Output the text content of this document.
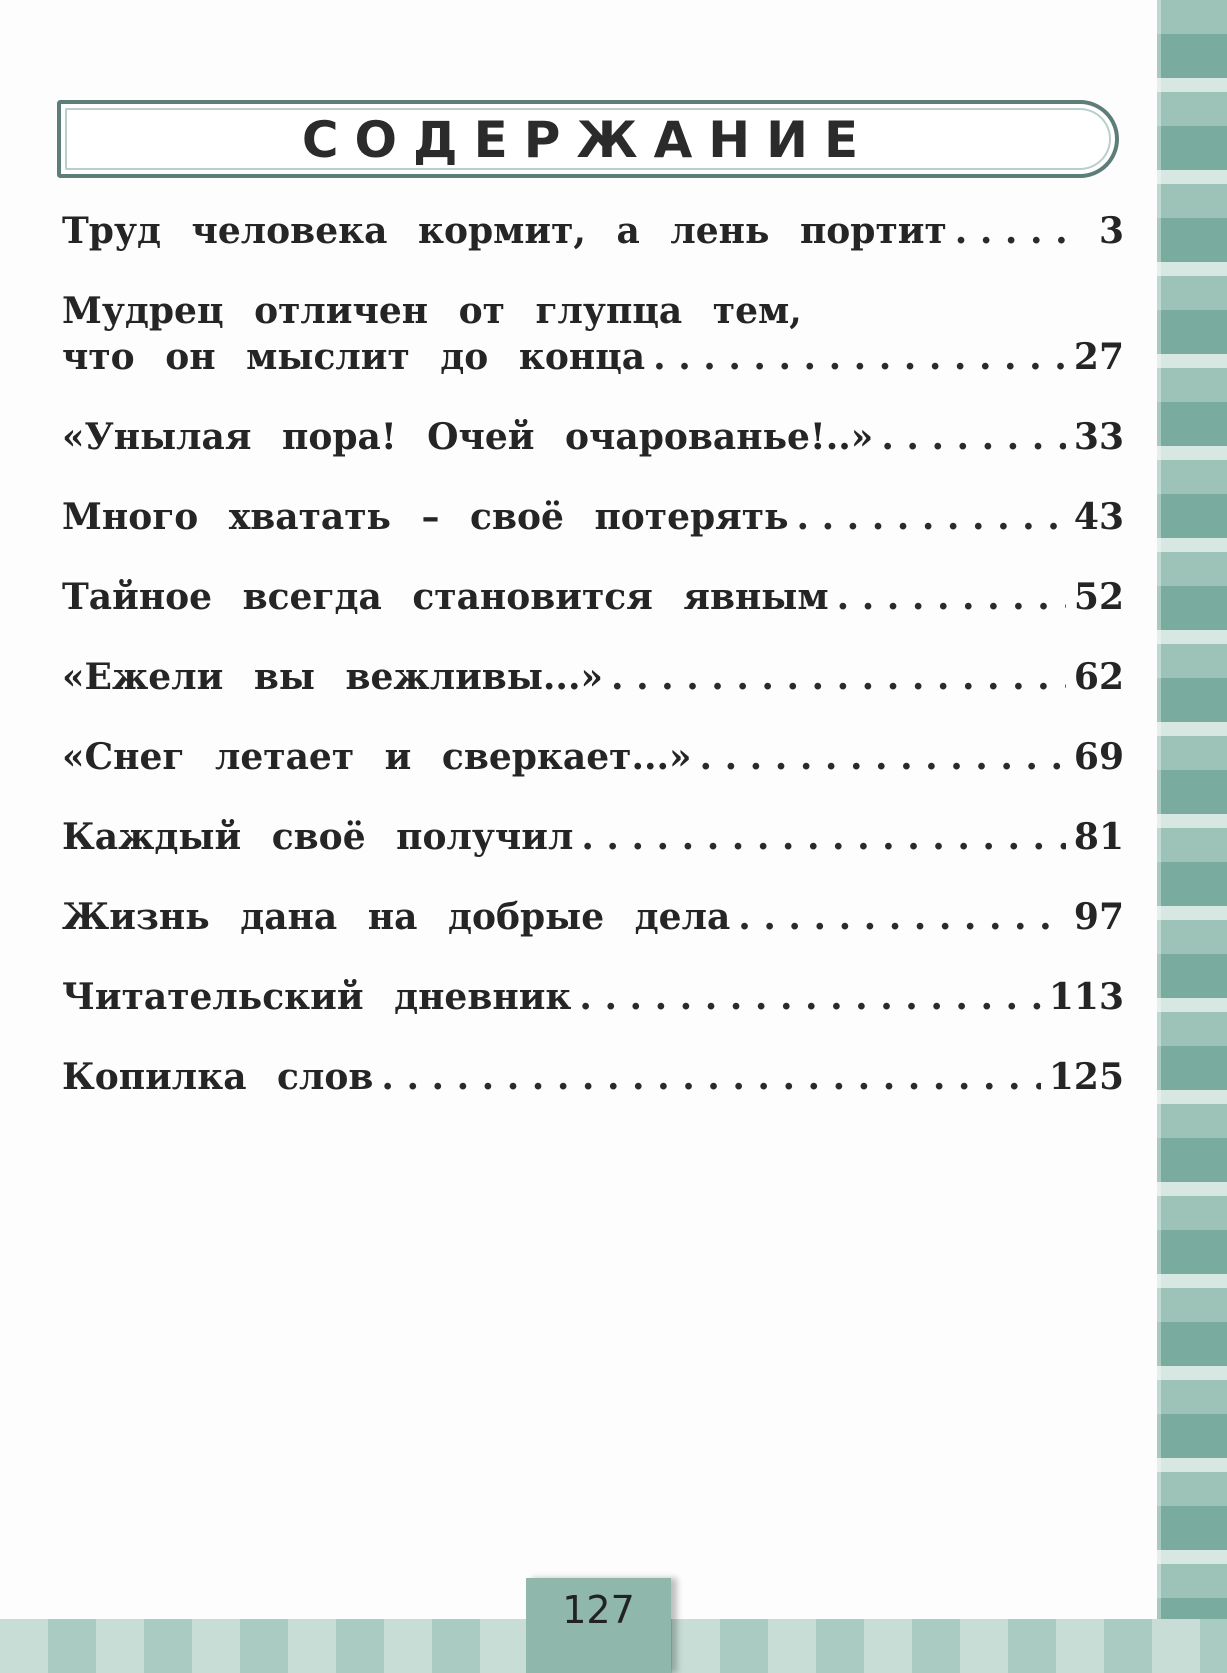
СОДЕРЖАНИЕ
Труд человека кормит, а лень портит . . .	3
Мудрец отличен от глупца тем,
что он мыслит до конца . . .	27
«Унылая пора! Очей очарованье!..» . . .	33
Много хватать – своё потерять . . .	43
Тайное всегда становится явным . . .	52
«Ежели вы вежливы...» . . .	62
«Снег летает и сверкает...» . . .	69
Каждый своё получил . . .	81
Жизнь дана на добрые дела . . .	97
Читательский дневник . . .	113
Копилка слов . . .	125
127
